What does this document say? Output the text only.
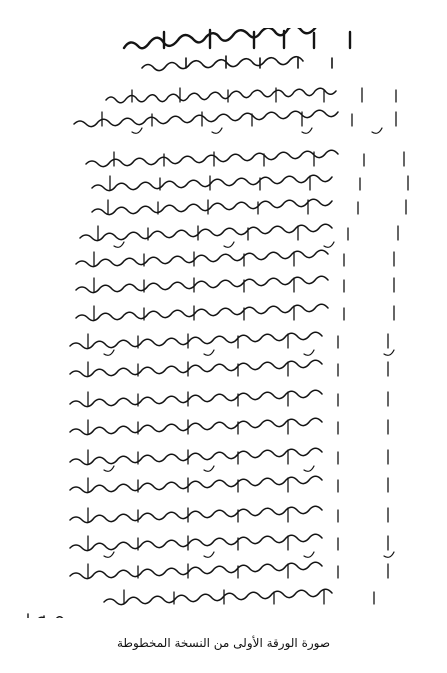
صورة الورقة الأولى من النسخة المخطوطة
